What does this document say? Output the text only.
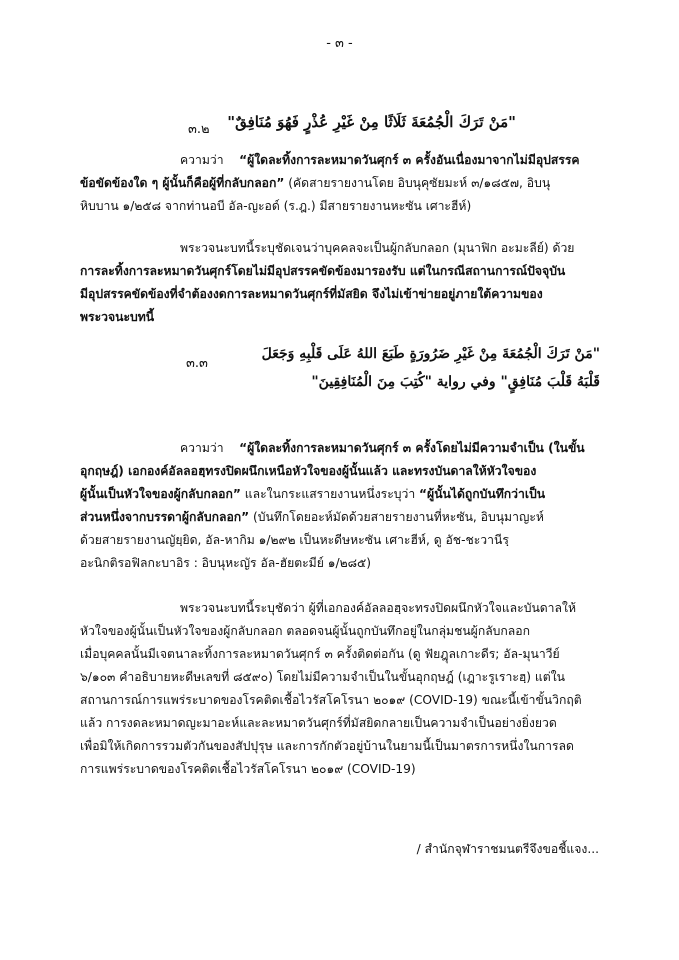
- ๓ -
๓.๒ "مَنْ تَرَكَ الْجُمُعَةَ ثَلَاثًا مِنْ غَيْرِ عُذْرٍ فَهُوَ مُنَافِقٌ"
ความว่า “ผู้ใดละทิ้งการละหมาดวันศุกร์ ๓ ครั้งอันเนื่องมาจากไม่มีอุปสรรค
ข้อขัดข้องใด ๆ ผู้นั้นก็คือผู้ที่กลับกลอก” (คัดสายรายงานโดย อิบนุคุซัยมะห์ ๓/๑๘๕๗, อิบนุ
หิบบาน ๑/๒๕๘ จากท่านอบี อัล-ญะอด์ (ร.ฎ.) มีสายรายงานหะซัน เศาะฮีห์)
พระวจนะบทนี้ระบุชัดเจนว่าบุคคลจะเป็นผู้กลับกลอก (มุนาฟิก อะมะลีย์) ด้วย
การละทิ้งการละหมาดวันศุกร์โดยไม่มีอุปสรรคขัดข้องมารองรับ แต่ในกรณีสถานการณ์ปัจจุบัน
มีอุปสรรคขัดข้องที่จำต้องงดการละหมาดวันศุกร์ที่มัสยิด จึงไม่เข้าข่ายอยู่ภายใต้ความของ
พระวจนะบทนี้
๓.๓
"مَنْ تَرَكَ الْجُمُعَةَ مِنْ غَيْرِ ضَرُورَةٍ طَبَعَ اللهُ عَلَى قَلْبِهِ وَجَعَلَ
قَلْبَهُ قَلْبَ مُنَافِقٍ" وفي رواية "كُتِبَ مِنَ الْمُنَافِقِينَ"
ความว่า “ผู้ใดละทิ้งการละหมาดวันศุกร์ ๓ ครั้งโดยไม่มีความจำเป็น (ในขั้น
อุกฤษฎ์) เอกองค์อัลลอฮฺทรงปิดผนึกเหนือหัวใจของผู้นั้นแล้ว และทรงบันดาลให้หัวใจของ
ผู้นั้นเป็นหัวใจของผู้กลับกลอก” และในกระแสรายงานหนึ่งระบุว่า “ผู้นั้นได้ถูกบันทึกว่าเป็น
ส่วนหนึ่งจากบรรดาผู้กลับกลอก” (บันทึกโดยอะห์มัดด้วยสายรายงานที่หะซัน, อิบนุมาญะห์
ด้วยสายรายงานญัยฺยิด, อัล-หากิม ๑/๒๙๒ เป็นหะดีษหะซัน เศาะฮีห์, ดู อัช-ชะวานีรฺ
อะนิกติรอฟิลกะบาอิร : อิบนุหะญัร อัล-ฮัยตะมีย์ ๑/๒๘๕)
พระวจนะบทนี้ระบุชัดว่า ผู้ที่เอกองค์อัลลอฮฺจะทรงปิดผนึกหัวใจและบันดาลให้
หัวใจของผู้นั้นเป็นหัวใจของผู้กลับกลอก ตลอดจนผู้นั้นถูกบันทึกอยู่ในกลุ่มชนผู้กลับกลอก
เมื่อบุคคลนั้นมีเจตนาละทิ้งการละหมาดวันศุกร์ ๓ ครั้งติดต่อกัน (ดู ฟัยฎุลเกาะดีร; อัล-มุนาวีย์
๖/๑๐๓ คำอธิบายหะดีษเลขที่ ๘๕๙๐) โดยไม่มีความจำเป็นในขั้นอุกฤษฎ์ (เฎาะรูเราะฮฺ) แต่ใน
สถานการณ์การแพร่ระบาดของโรคติดเชื้อไวรัสโคโรนา ๒๐๑๙ (COVID-19) ขณะนี้เข้าขั้นวิกฤติ
แล้ว การงดละหมาดญะมาอะห์และละหมาดวันศุกร์ที่มัสยิดกลายเป็นความจำเป็นอย่างยิ่งยวด
เพื่อมิให้เกิดการรวมตัวกันของสัปปุรุษ และการกักตัวอยู่บ้านในยามนี้เป็นมาตรการหนึ่งในการลด
การแพร่ระบาดของโรคติดเชื้อไวรัสโคโรนา ๒๐๑๙ (COVID-19)
/ สำนักจุฬาราชมนตรีจึงขอชี้แจง...
